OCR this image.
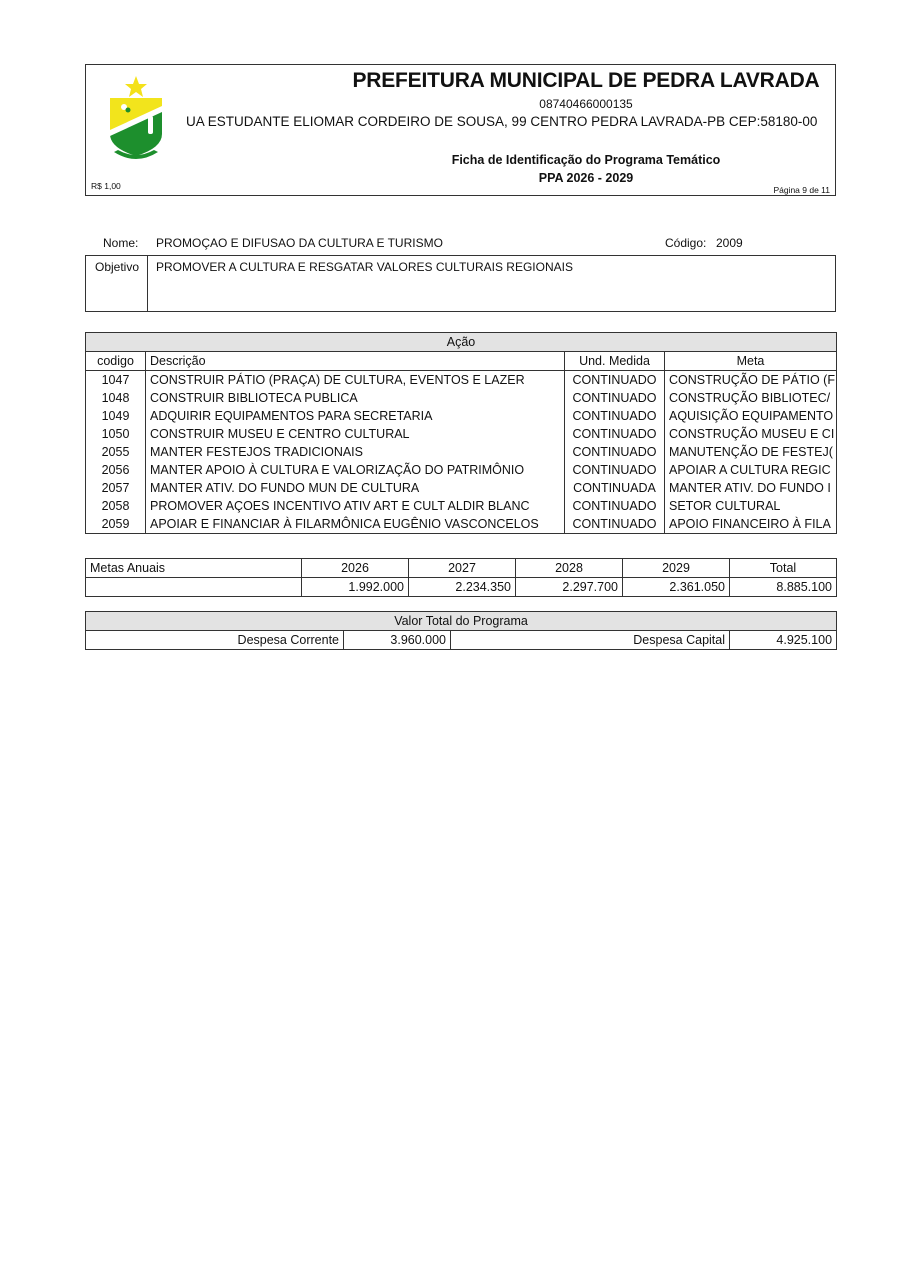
PREFEITURA MUNICIPAL DE PEDRA LAVRADA
08740466000135
UA ESTUDANTE ELIOMAR CORDEIRO DE SOUSA, 99 CENTRO PEDRA LAVRADA-PB CEP:58180-00
Ficha de Identificação do Programa Temático
PPA 2026 - 2029
R$ 1,00	Página 9 de 11
Nome: PROMOÇAO E DIFUSAO DA CULTURA E TURISMO	Código: 2009
Objetivo PROMOVER A CULTURA E RESGATAR VALORES CULTURAIS REGIONAIS
Ação			
codigo	Descrição	Und. Medida	Meta
1047	CONSTRUIR PÁTIO (PRAÇA) DE CULTURA, EVENTOS E LAZER	CONTINUADO	CONSTRUÇÃO DE PÁTIO (F
1048	CONSTRUIR BIBLIOTECA PUBLICA	CONTINUADO	CONSTRUÇÃO BIBLIOTEC/
1049	ADQUIRIR EQUIPAMENTOS PARA SECRETARIA	CONTINUADO	AQUISIÇÃO EQUIPAMENTO
1050	CONSTRUIR MUSEU E CENTRO CULTURAL	CONTINUADO	CONSTRUÇÃO MUSEU E CI
2055	MANTER FESTEJOS TRADICIONAIS	CONTINUADO	MANUTENÇÃO DE FESTEJ(
2056	MANTER APOIO À CULTURA E VALORIZAÇÃO DO PATRIMÔNIO	CONTINUADO	APOIAR A CULTURA REGIC
2057	MANTER ATIV. DO FUNDO MUN DE CULTURA	CONTINUADA	MANTER ATIV. DO FUNDO I
2058	PROMOVER AÇOES INCENTIVO ATIV ART E CULT ALDIR BLANC	CONTINUADO	SETOR CULTURAL
2059	APOIAR E FINANCIAR À FILARMÔNICA EUGÊNIO VASCONCELOS	CONTINUADO	APOIO FINANCEIRO À FILA
Metas Anuais	2026	2027	2028	2029	Total
	1.992.000	2.234.350	2.297.700	2.361.050	8.885.100
Valor Total do Programa
Despesa Corrente	3.960.000	Despesa Capital	4.925.100
